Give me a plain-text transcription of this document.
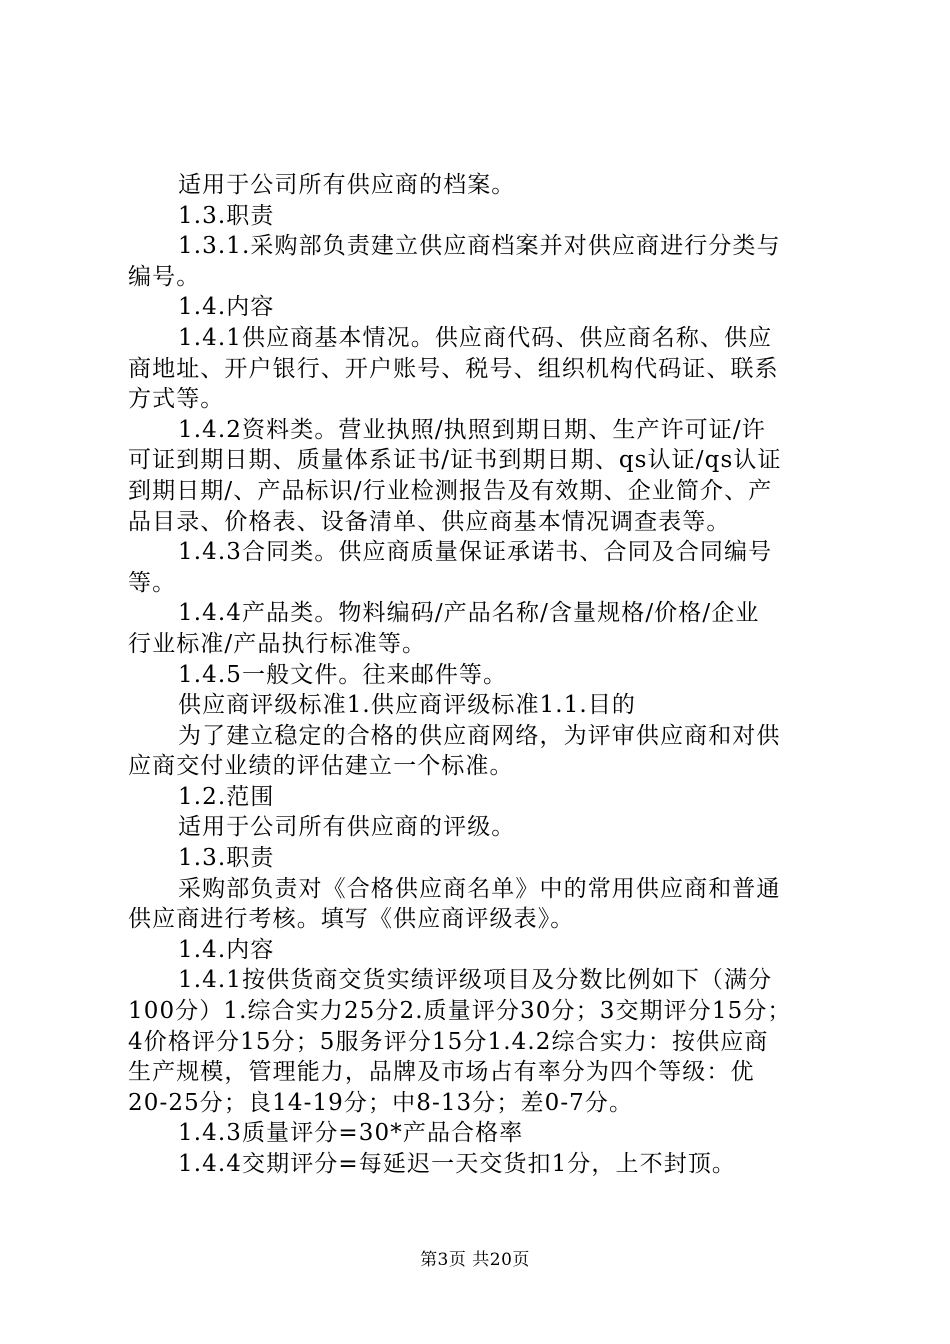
适用于公司所有供应商的档案。
1.3.职责
1.3.1.采购部负责建立供应商档案并对供应商进行分类与
编号。
1.4.内容
1.4.1供应商基本情况。供应商代码、供应商名称、供应
商地址、开户银行、开户账号、税号、组织机构代码证、联系
方式等。
1.4.2资料类。营业执照/执照到期日期、生产许可证/许
可证到期日期、质量体系证书/证书到期日期、qs认证/qs认证
到期日期/、产品标识/行业检测报告及有效期、企业简介、产
品目录、价格表、设备清单、供应商基本情况调查表等。
1.4.3合同类。供应商质量保证承诺书、合同及合同编号
等。
1.4.4产品类。物料编码/产品名称/含量规格/价格/企业
行业标准/产品执行标准等。
1.4.5一般文件。往来邮件等。
供应商评级标准1.供应商评级标准1.1.目的
为了建立稳定的合格的供应商网络，为评审供应商和对供
应商交付业绩的评估建立一个标准。
1.2.范围
适用于公司所有供应商的评级。
1.3.职责
采购部负责对《合格供应商名单》中的常用供应商和普通
供应商进行考核。填写《供应商评级表》。
1.4.内容
1.4.1按供货商交货实绩评级项目及分数比例如下（满分
100分）1.综合实力25分2.质量评分30分；3交期评分15分；
4价格评分15分；5服务评分15分1.4.2综合实力：按供应商
生产规模，管理能力，品牌及市场占有率分为四个等级：优
20-25分；良14-19分；中8-13分；差0-7分。
1.4.3质量评分=30*产品合格率
1.4.4交期评分=每延迟一天交货扣1分，上不封顶。
第3页 共20页
